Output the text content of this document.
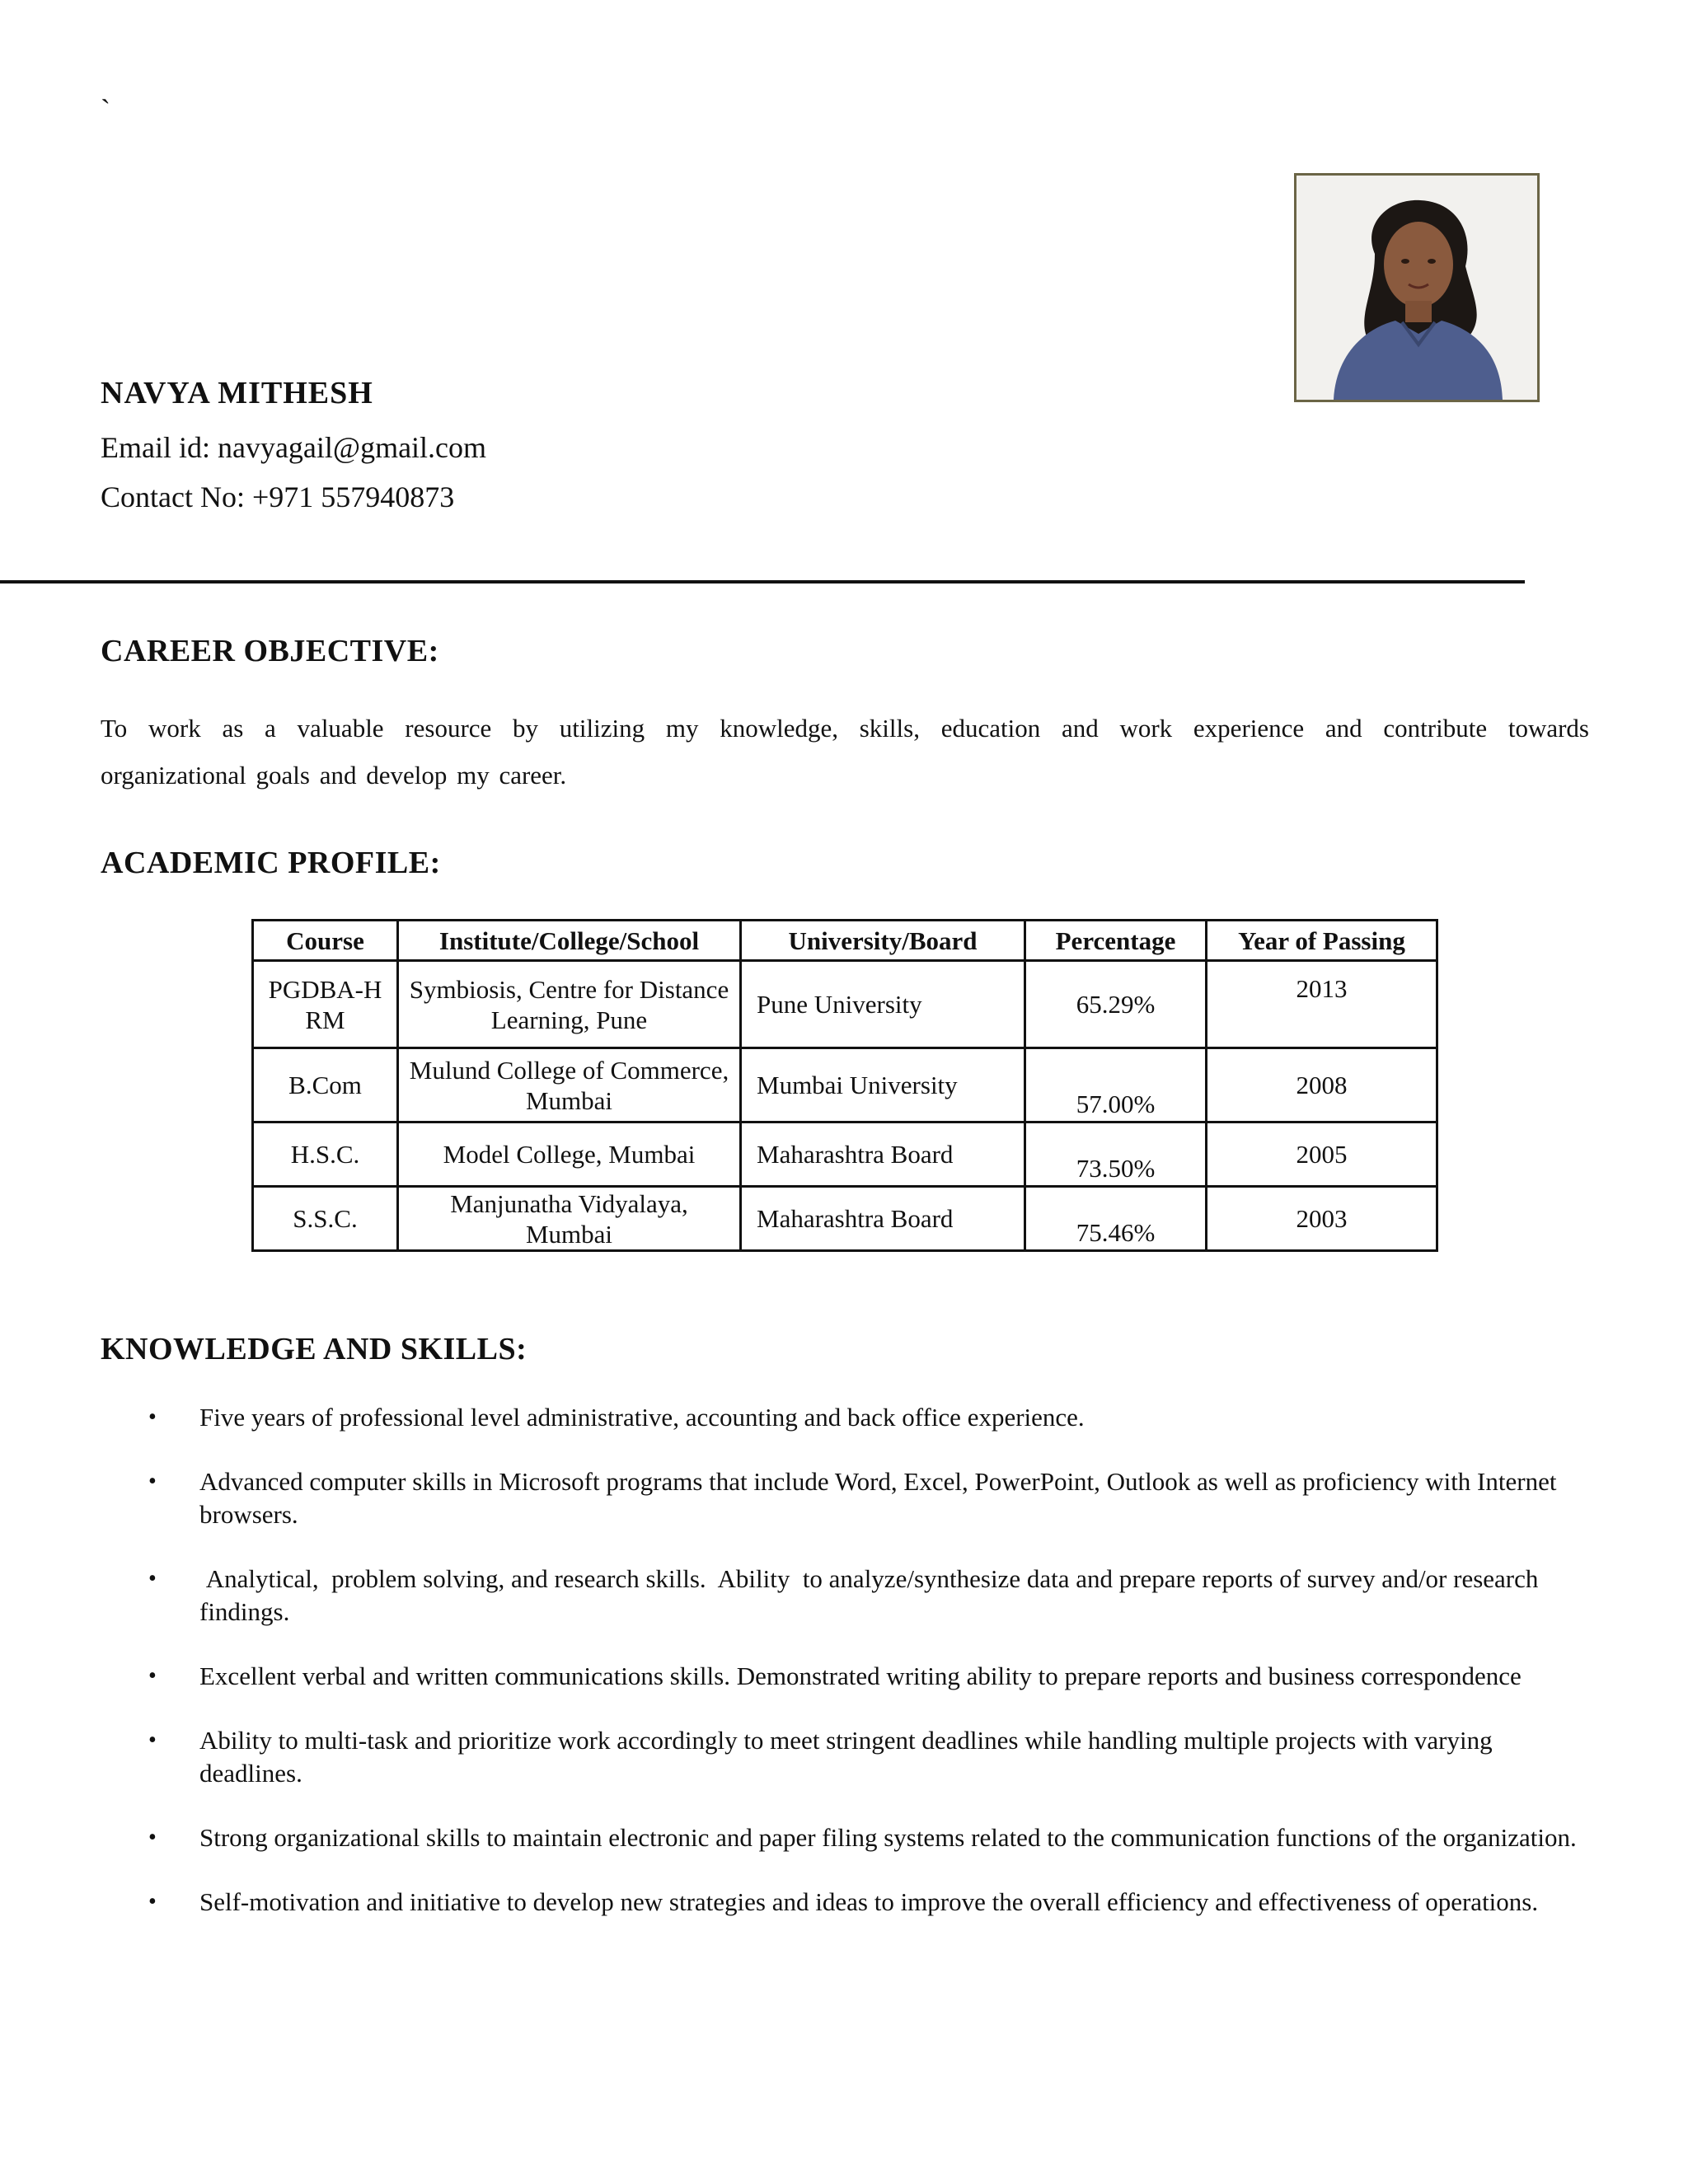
`
NAVYA MITHESH
Email id: navyagail@gmail.com
Contact No: +971 557940873
CAREER OBJECTIVE:
To work as a valuable resource by utilizing my knowledge, skills, education and work experience and contribute towards
organizational goals and develop my career.
ACADEMIC PROFILE:
Course	Institute/College/School	University/Board	Percentage	Year of Passing
PGDBA-HRM	Symbiosis, Centre for Distance Learning, Pune	Pune University	65.29%	2013
B.Com	Mulund College of Commerce, Mumbai	Mumbai University	57.00%	2008
H.S.C.	Model College, Mumbai	Maharashtra Board	73.50%	2005
S.S.C.	Manjunatha Vidyalaya, Mumbai	Maharashtra Board	75.46%	2003
KNOWLEDGE AND SKILLS:
• Five years of professional level administrative, accounting and back office experience.
• Advanced computer skills in Microsoft programs that include Word, Excel, PowerPoint, Outlook as well as proficiency with Internet browsers.
• Analytical,  problem solving, and research skills.  Ability  to analyze/synthesize data and prepare reports of survey and/or research findings.
• Excellent verbal and written communications skills. Demonstrated writing ability to prepare reports and business correspondence
• Ability to multi-task and prioritize work accordingly to meet stringent deadlines while handling multiple projects with varying deadlines.
• Strong organizational skills to maintain electronic and paper filing systems related to the communication functions of the organization.
• Self-motivation and initiative to develop new strategies and ideas to improve the overall efficiency and effectiveness of operations.
